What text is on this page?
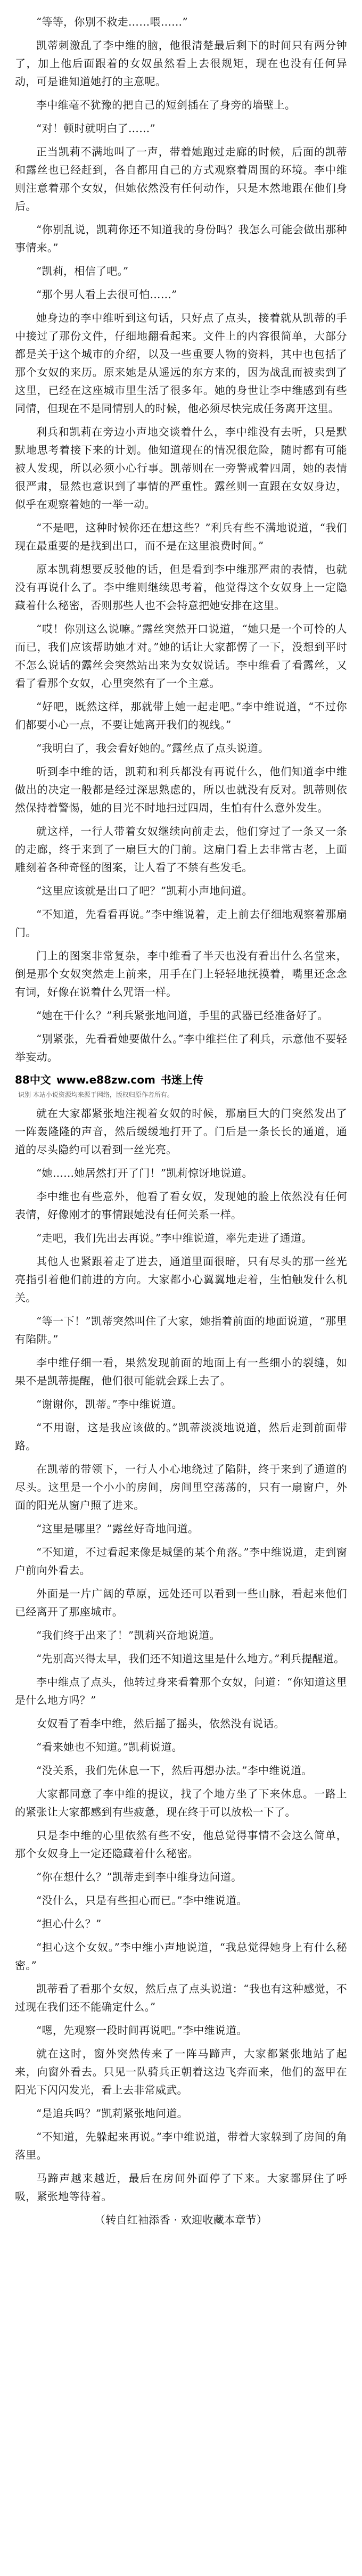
“等等，你别不救走……喂……”

凯蒂刺激乱了李中维的脑，他很清楚最后剩下的时间只有两分钟了，加上他后面跟着的女奴虽然看上去很规矩，现在也没有任何异动，可是谁知道她打的主意呢。

李中维毫不犹豫的把自己的短剑插在了身旁的墙壁上。

“对！顿时就明白了……”

正当凯莉不满地叫了一声，带着她跑过走廊的时候，后面的凯蒂和露丝也已经赶到，各自都用自己的方式观察着周围的环境。李中维则注意着那个女奴，但她依然没有任何动作，只是木然地跟在他们身后。

“你别乱说，凯莉你还不知道我的身份吗？我怎么可能会做出那种事情来。”

“凯莉，相信了吧。”

“那个男人看上去很可怕……”

她身边的李中维听到这句话，只好点了点头，接着就从凯蒂的手中接过了那份文件，仔细地翻看起来。文件上的内容很简单，大部分都是关于这个城市的介绍，以及一些重要人物的资料，其中也包括了那个女奴的来历。原来她是从遥远的东方来的，因为战乱而被卖到了这里，已经在这座城市里生活了很多年。她的身世让李中维感到有些同情，但现在不是同情别人的时候，他必须尽快完成任务离开这里。

利兵和凯莉在旁边小声地交谈着什么，李中维没有去听，只是默默地思考着接下来的计划。他知道现在的情况很危险，随时都有可能被人发现，所以必须小心行事。凯蒂则在一旁警戒着四周，她的表情很严肃，显然也意识到了事情的严重性。露丝则一直跟在女奴身边，似乎在观察着她的一举一动。

“不是吧，这种时候你还在想这些？”利兵有些不满地说道，“我们现在最重要的是找到出口，而不是在这里浪费时间。”

原本凯莉想要反驳他的话，但是看到李中维那严肃的表情，也就没有再说什么了。李中维则继续思考着，他觉得这个女奴身上一定隐藏着什么秘密，否则那些人也不会特意把她安排在这里。

“哎！你别这么说嘛。”露丝突然开口说道，“她只是一个可怜的人而已，我们应该帮助她才对。”她的话让大家都愣了一下，没想到平时不怎么说话的露丝会突然站出来为女奴说话。李中维看了看露丝，又看了看那个女奴，心里突然有了一个主意。

“好吧，既然这样，那就带上她一起走吧。”李中维说道，“不过你们都要小心一点，不要让她离开我们的视线。”

“我明白了，我会看好她的。”露丝点了点头说道。

听到李中维的话，凯莉和利兵都没有再说什么，他们知道李中维做出的决定一般都是经过深思熟虑的，所以也就没有反对。凯蒂则依然保持着警惕，她的目光不时地扫过四周，生怕有什么意外发生。

就这样，一行人带着女奴继续向前走去，他们穿过了一条又一条的走廊，终于来到了一扇巨大的门前。这扇门看上去非常古老，上面雕刻着各种奇怪的图案，让人看了不禁有些发毛。

“这里应该就是出口了吧？”凯莉小声地问道。

“不知道，先看看再说。”李中维说着，走上前去仔细地观察着那扇门。

门上的图案非常复杂，李中维看了半天也没有看出什么名堂来，倒是那个女奴突然走上前来，用手在门上轻轻地抚摸着，嘴里还念念有词，好像在说着什么咒语一样。

“她在干什么？”利兵紧张地问道，手里的武器已经准备好了。

“别紧张，先看看她要做什么。”李中维拦住了利兵，示意他不要轻举妄动。

88中文 www.e88zw.com 书迷上传
识别 本站小说资源均来源于网络，版权归原作者所有。

就在大家都紧张地注视着女奴的时候，那扇巨大的门突然发出了一阵轰隆隆的声音，然后缓缓地打开了。门后是一条长长的通道，通道的尽头隐约可以看到一丝光亮。

“她……她居然打开了门！”凯莉惊讶地说道。

李中维也有些意外，他看了看女奴，发现她的脸上依然没有任何表情，好像刚才的事情跟她没有任何关系一样。

“走吧，我们先出去再说。”李中维说道，率先走进了通道。

其他人也紧跟着走了进去，通道里面很暗，只有尽头的那一丝光亮指引着他们前进的方向。大家都小心翼翼地走着，生怕触发什么机关。

“等一下！”凯蒂突然叫住了大家，她指着前面的地面说道，“那里有陷阱。”

李中维仔细一看，果然发现前面的地面上有一些细小的裂缝，如果不是凯蒂提醒，他们很可能就会踩上去了。

“谢谢你，凯蒂。”李中维说道。

“不用谢，这是我应该做的。”凯蒂淡淡地说道，然后走到前面带路。

在凯蒂的带领下，一行人小心地绕过了陷阱，终于来到了通道的尽头。这里是一个小小的房间，房间里空荡荡的，只有一扇窗户，外面的阳光从窗户照了进来。

“这里是哪里？”露丝好奇地问道。

“不知道，不过看起来像是城堡的某个角落。”李中维说道，走到窗户前向外看去。

外面是一片广阔的草原，远处还可以看到一些山脉，看起来他们已经离开了那座城市。

“我们终于出来了！”凯莉兴奋地说道。

“先别高兴得太早，我们还不知道这里是什么地方。”利兵提醒道。

李中维点了点头，他转过身来看着那个女奴，问道：“你知道这里是什么地方吗？”

女奴看了看李中维，然后摇了摇头，依然没有说话。

“看来她也不知道。”凯莉说道。

“没关系，我们先休息一下，然后再想办法。”李中维说道。

大家都同意了李中维的提议，找了个地方坐了下来休息。一路上的紧张让大家都感到有些疲惫，现在终于可以放松一下了。

只是李中维的心里依然有些不安，他总觉得事情不会这么简单，那个女奴身上一定还隐藏着什么秘密。

“你在想什么？”凯蒂走到李中维身边问道。

“没什么，只是有些担心而已。”李中维说道。

“担心什么？”

“担心这个女奴。”李中维小声地说道，“我总觉得她身上有什么秘密。”

凯蒂看了看那个女奴，然后点了点头说道：“我也有这种感觉，不过现在我们还不能确定什么。”

“嗯，先观察一段时间再说吧。”李中维说道。

就在这时，窗外突然传来了一阵马蹄声，大家都紧张地站了起来，向窗外看去。只见一队骑兵正朝着这边飞奔而来，他们的盔甲在阳光下闪闪发光，看上去非常威武。

“是追兵吗？”凯莉紧张地问道。

“不知道，先躲起来再说。”李中维说道，带着大家躲到了房间的角落里。

马蹄声越来越近，最后在房间外面停了下来。大家都屏住了呼吸，紧张地等待着。

（转自红袖添香 · 欢迎收藏本章节）
